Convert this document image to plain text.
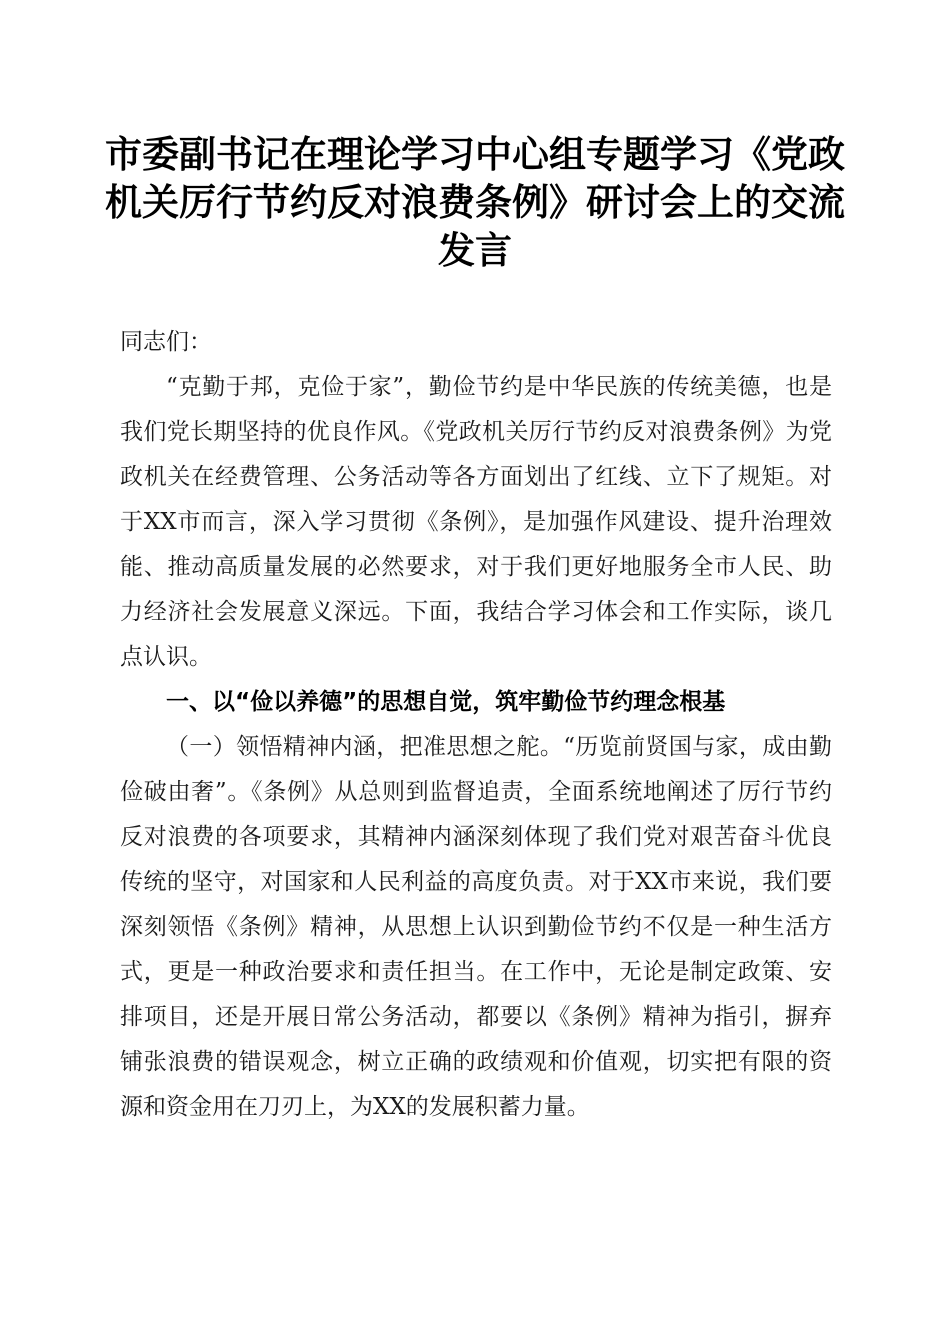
市委副书记在理论学习中心组专题学习《党政机关厉行节约反对浪费条例》研讨会上的交流发言

同志们：

“克勤于邦，克俭于家”，勤俭节约是中华民族的传统美德，也是我们党长期坚持的优良作风。《党政机关厉行节约反对浪费条例》为党政机关在经费管理、公务活动等各方面划出了红线、立下了规矩。对于XX市而言，深入学习贯彻《条例》，是加强作风建设、提升治理效能、推动高质量发展的必然要求，对于我们更好地服务全市人民、助力经济社会发展意义深远。下面，我结合学习体会和工作实际，谈几点认识。

一、以“俭以养德”的思想自觉，筑牢勤俭节约理念根基

（一）领悟精神内涵，把准思想之舵。“历览前贤国与家，成由勤俭破由奢”。《条例》从总则到监督追责，全面系统地阐述了厉行节约反对浪费的各项要求，其精神内涵深刻体现了我们党对艰苦奋斗优良传统的坚守，对国家和人民利益的高度负责。对于XX市来说，我们要深刻领悟《条例》精神，从思想上认识到勤俭节约不仅是一种生活方式，更是一种政治要求和责任担当。在工作中，无论是制定政策、安排项目，还是开展日常公务活动，都要以《条例》精神为指引，摒弃铺张浪费的错误观念，树立正确的政绩观和价值观，切实把有限的资源和资金用在刀刃上，为XX的发展积蓄力量。
